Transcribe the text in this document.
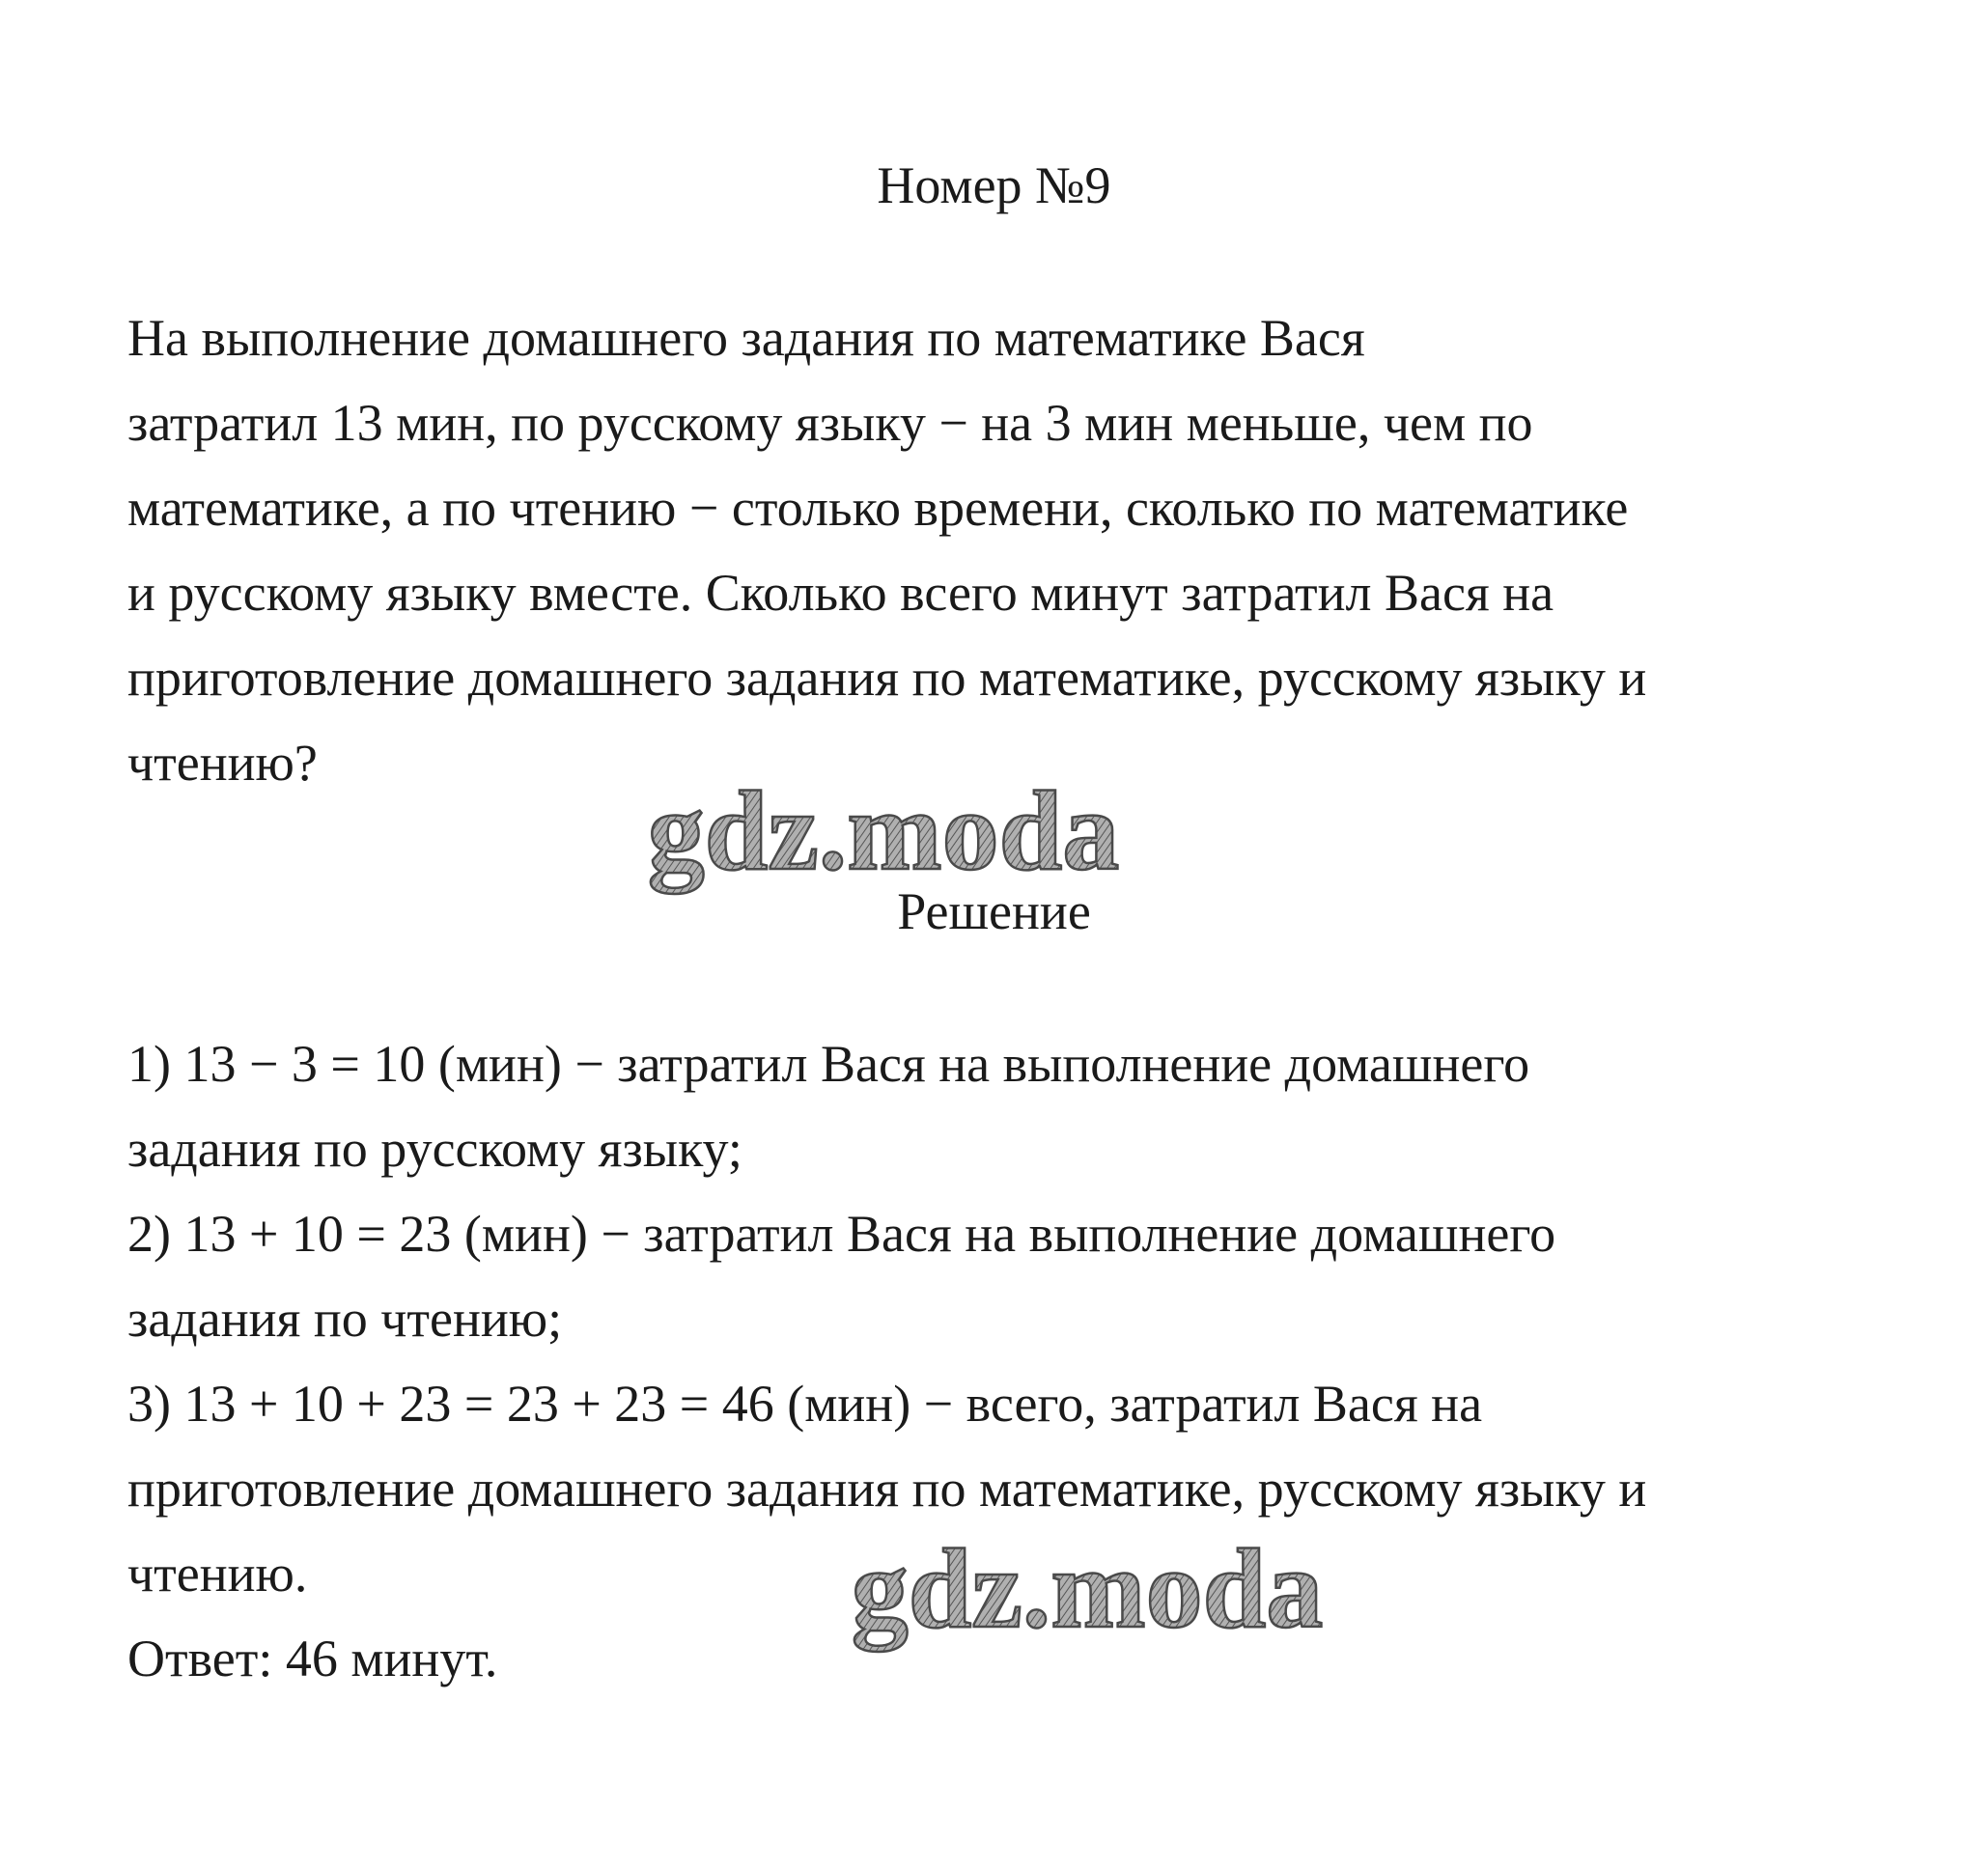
Номер №9
На выполнение домашнего задания по математике Вася
затратил 13 мин, по русскому языку − на 3 мин меньше, чем по
математике, а по чтению − столько времени, сколько по математике
и русскому языку вместе. Сколько всего минут затратил Вася на
приготовление домашнего задания по математике, русскому языку и
чтению?
gdz.moda
Решение
1) 13 − 3 = 10 (мин) − затратил Вася на выполнение домашнего
задания по русскому языку;
2) 13 + 10 = 23 (мин) − затратил Вася на выполнение домашнего
задания по чтению;
3) 13 + 10 + 23 = 23 + 23 = 46 (мин) − всего, затратил Вася на
приготовление домашнего задания по математике, русскому языку и
чтению.
Ответ: 46 минут.
gdz.moda
